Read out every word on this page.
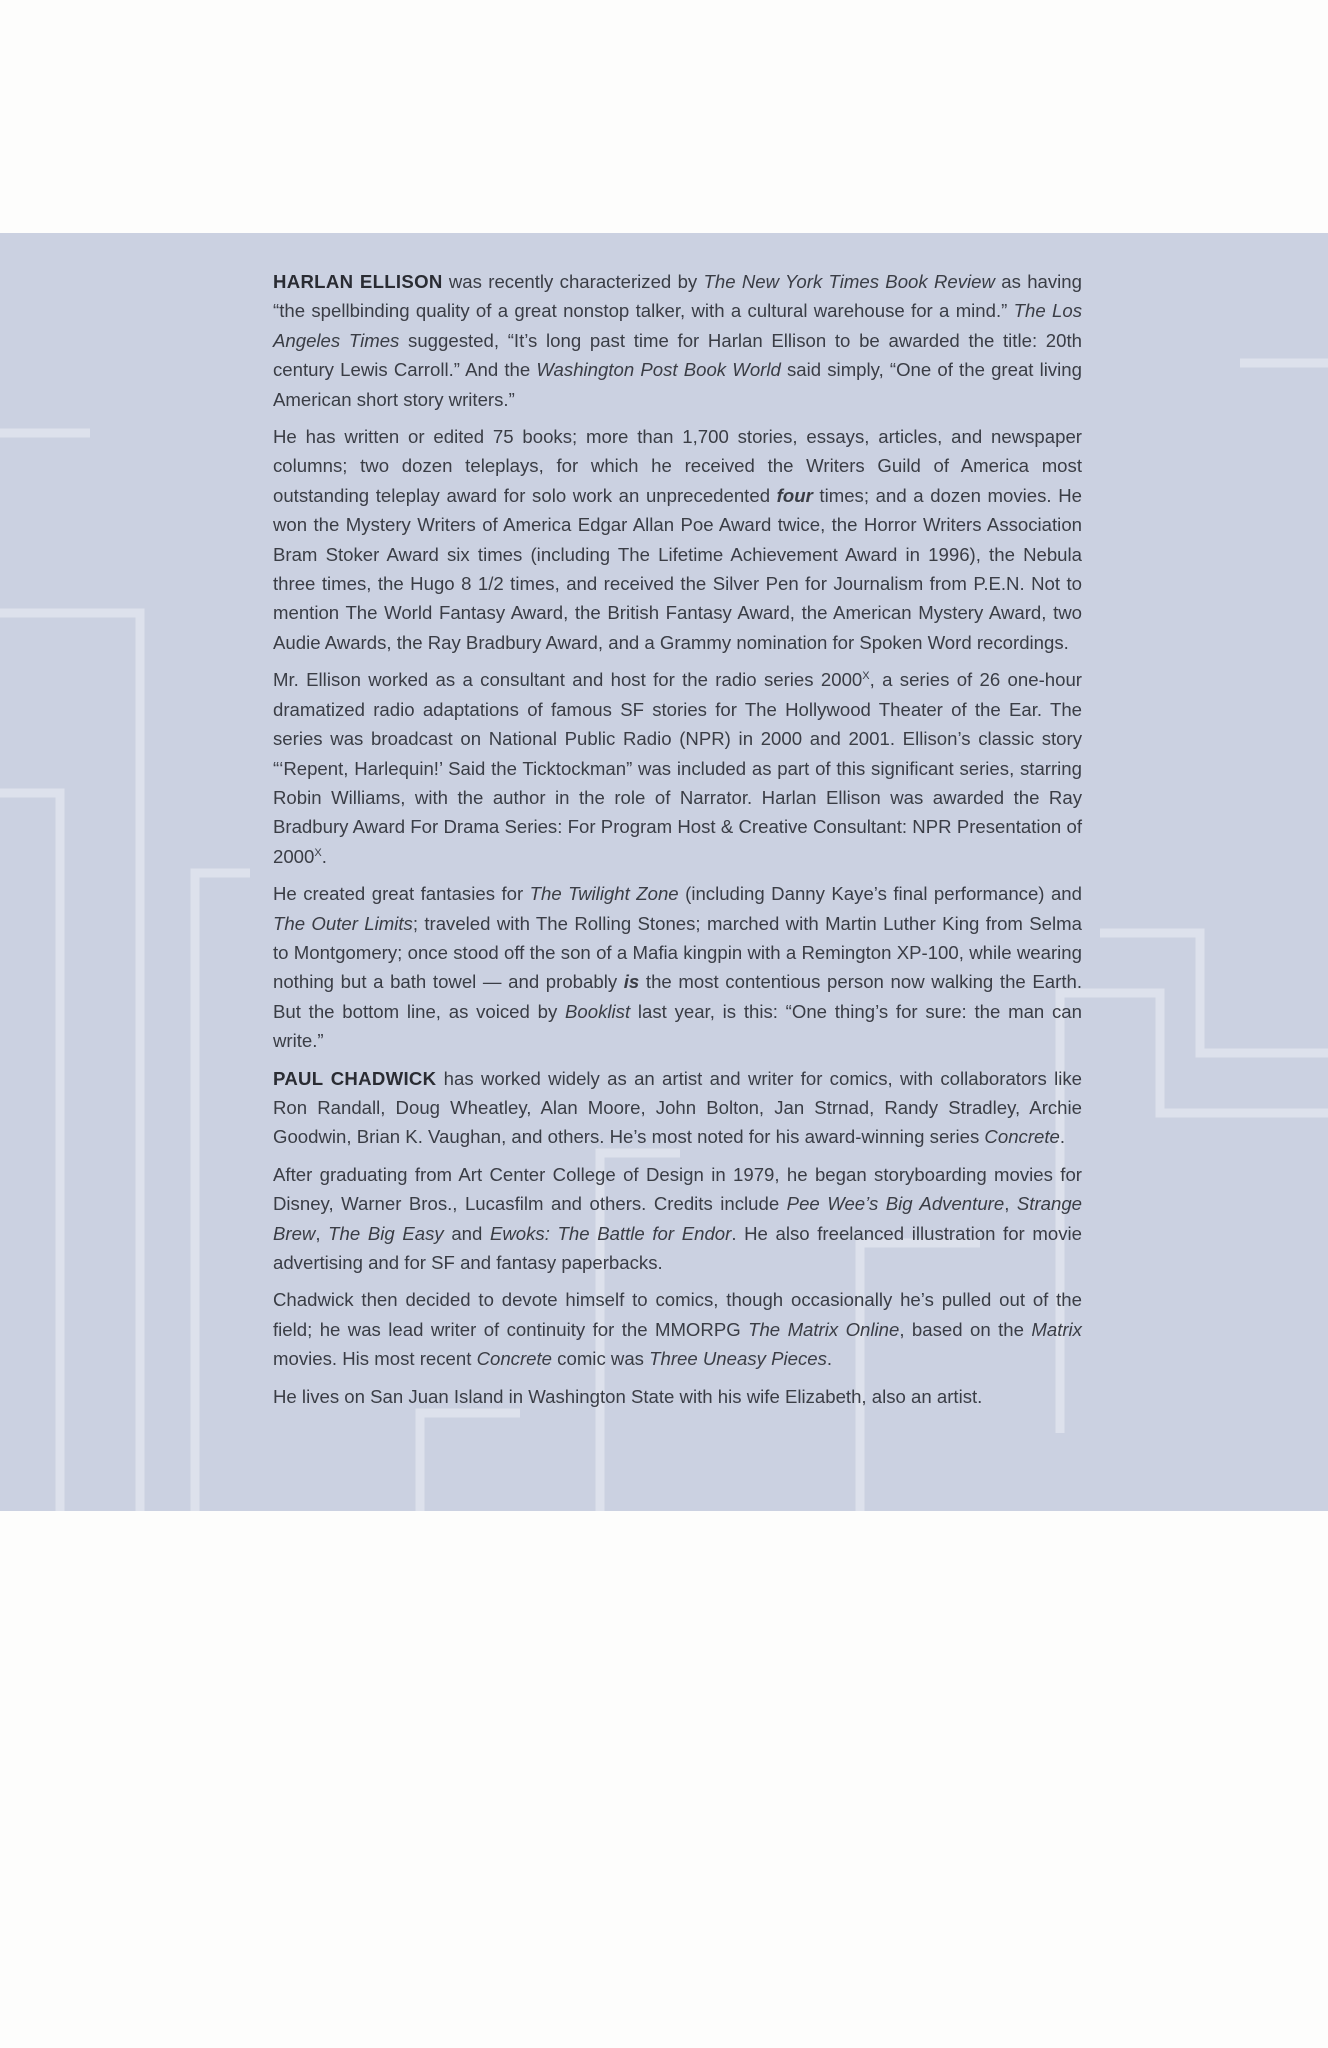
HARLAN ELLISON was recently characterized by The New York Times Book Review as having “the spellbinding quality of a great nonstop talker, with a cultural warehouse for a mind.” The Los Angeles Times suggested, “It’s long past time for Harlan Ellison to be awarded the title: 20th century Lewis Carroll.” And the Washington Post Book World said simply, “One of the great living American short story writers.”

He has written or edited 75 books; more than 1,700 stories, essays, articles, and newspaper columns; two dozen teleplays, for which he received the Writers Guild of America most outstanding teleplay award for solo work an unprecedented four times; and a dozen movies. He won the Mystery Writers of America Edgar Allan Poe Award twice, the Horror Writers Association Bram Stoker Award six times (including The Lifetime Achievement Award in 1996), the Nebula three times, the Hugo 8 1/2 times, and received the Silver Pen for Journalism from P.E.N. Not to mention The World Fantasy Award, the British Fantasy Award, the American Mystery Award, two Audie Awards, the Ray Bradbury Award, and a Grammy nomination for Spoken Word recordings.

Mr. Ellison worked as a consultant and host for the radio series $2000^X$, a series of 26 one-hour dramatized radio adaptations of famous SF stories for The Hollywood Theater of the Ear. The series was broadcast on National Public Radio (NPR) in 2000 and 2001. Ellison’s classic story “‘Repent, Harlequin!’ Said the Ticktockman” was included as part of this significant series, starring Robin Williams, with the author in the role of Narrator. Harlan Ellison was awarded the Ray Bradbury Award For Drama Series: For Program Host & Creative Consultant: NPR Presentation of $2000^X$.

He created great fantasies for The Twilight Zone (including Danny Kaye’s final performance) and The Outer Limits; traveled with The Rolling Stones; marched with Martin Luther King from Selma to Montgomery; once stood off the son of a Mafia kingpin with a Remington XP-100, while wearing nothing but a bath towel — and probably is the most contentious person now walking the Earth. But the bottom line, as voiced by Booklist last year, is this: “One thing’s for sure: the man can write.”

PAUL CHADWICK has worked widely as an artist and writer for comics, with collaborators like Ron Randall, Doug Wheatley, Alan Moore, John Bolton, Jan Strnad, Randy Stradley, Archie Goodwin, Brian K. Vaughan, and others. He’s most noted for his award-winning series Concrete.

After graduating from Art Center College of Design in 1979, he began storyboarding movies for Disney, Warner Bros., Lucasfilm and others. Credits include Pee Wee’s Big Adventure, Strange Brew, The Big Easy and Ewoks: The Battle for Endor. He also freelanced illustration for movie advertising and for SF and fantasy paperbacks.

Chadwick then decided to devote himself to comics, though occasionally he’s pulled out of the field; he was lead writer of continuity for the MMORPG The Matrix Online, based on the Matrix movies. His most recent Concrete comic was Three Uneasy Pieces.

He lives on San Juan Island in Washington State with his wife Elizabeth, also an artist.
